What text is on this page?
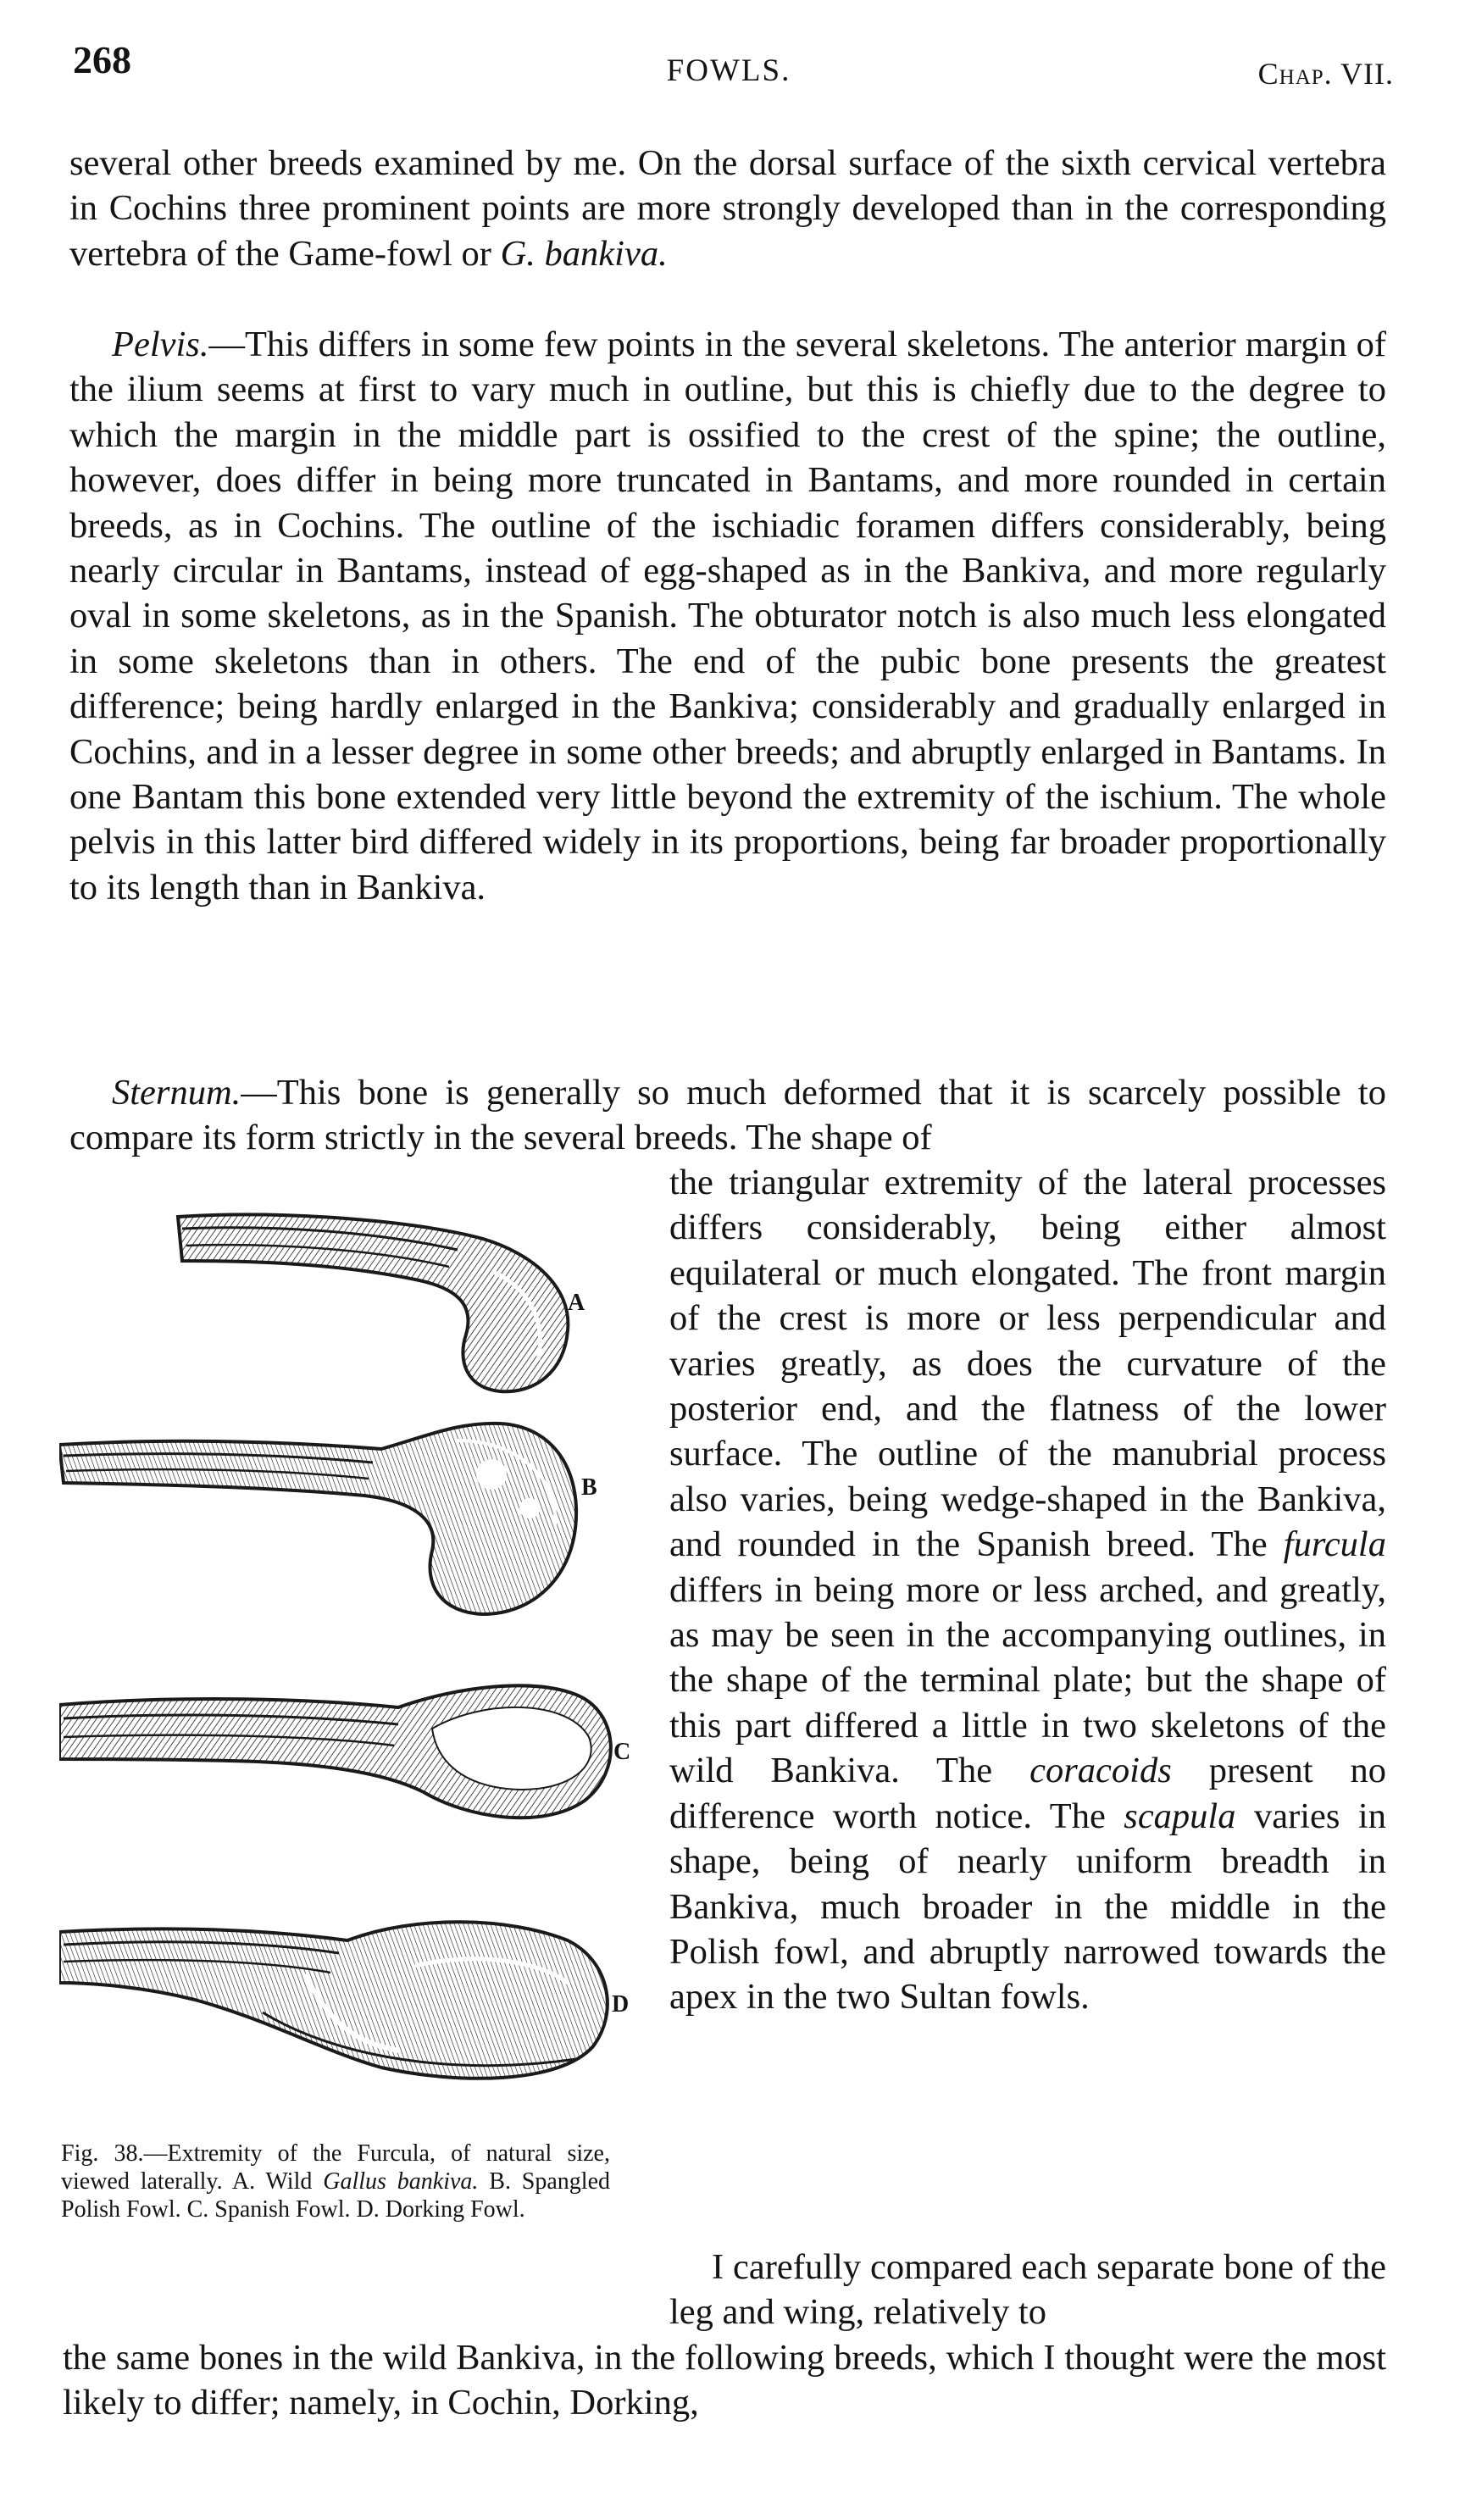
268	FOWLS.	Chap. VII.

several other breeds examined by me. On the dorsal surface of the sixth cervical vertebra in Cochins three prominent points are more strongly developed than in the corresponding vertebra of the Game-fowl or G. bankiva.

Pelvis.—This differs in some few points in the several skeletons. The anterior margin of the ilium seems at first to vary much in outline, but this is chiefly due to the degree to which the margin in the middle part is ossified to the crest of the spine; the outline, however, does differ in being more truncated in Bantams, and more rounded in certain breeds, as in Cochins. The outline of the ischiadic foramen differs considerably, being nearly circular in Bantams, instead of egg-shaped as in the Bankiva, and more regularly oval in some skeletons, as in the Spanish. The obturator notch is also much less elongated in some skeletons than in others. The end of the pubic bone presents the greatest difference; being hardly enlarged in the Bankiva; considerably and gradually enlarged in Cochins, and in a lesser degree in some other breeds; and abruptly enlarged in Bantams. In one Bantam this bone extended very little beyond the extremity of the ischium. The whole pelvis in this latter bird differed widely in its proportions, being far broader proportionally to its length than in Bankiva.

Sternum.—This bone is generally so much deformed that it is scarcely possible to compare its form strictly in the several breeds. The shape of

the triangular extremity of the lateral processes differs considerably, being either almost equilateral or much elongated. The front margin of the crest is more or less perpendicular and varies greatly, as does the curvature of the posterior end, and the flatness of the lower surface. The outline of the manubrial process also varies, being wedge-shaped in the Bankiva, and rounded in the Spanish breed. The furcula differs in being more or less arched, and greatly, as may be seen in the accompanying outlines, in the shape of the terminal plate; but the shape of this part differed a little in two skeletons of the wild Bankiva. The coracoids present no difference worth notice. The scapula varies in shape, being of nearly uniform breadth in Bankiva, much broader in the middle in the Polish fowl, and abruptly narrowed towards the apex in the two Sultan fowls.

I carefully compared each separate bone of the leg and wing, relatively to

the same bones in the wild Bankiva, in the following breeds, which I thought were the most likely to differ; namely, in Cochin, Dorking,

A
B
C
D
Fig. 38.—Extremity of the Furcula, of natural size, viewed laterally. A. Wild Gallus bankiva. B. Spangled Polish Fowl. C. Spanish Fowl. D. Dorking Fowl.
